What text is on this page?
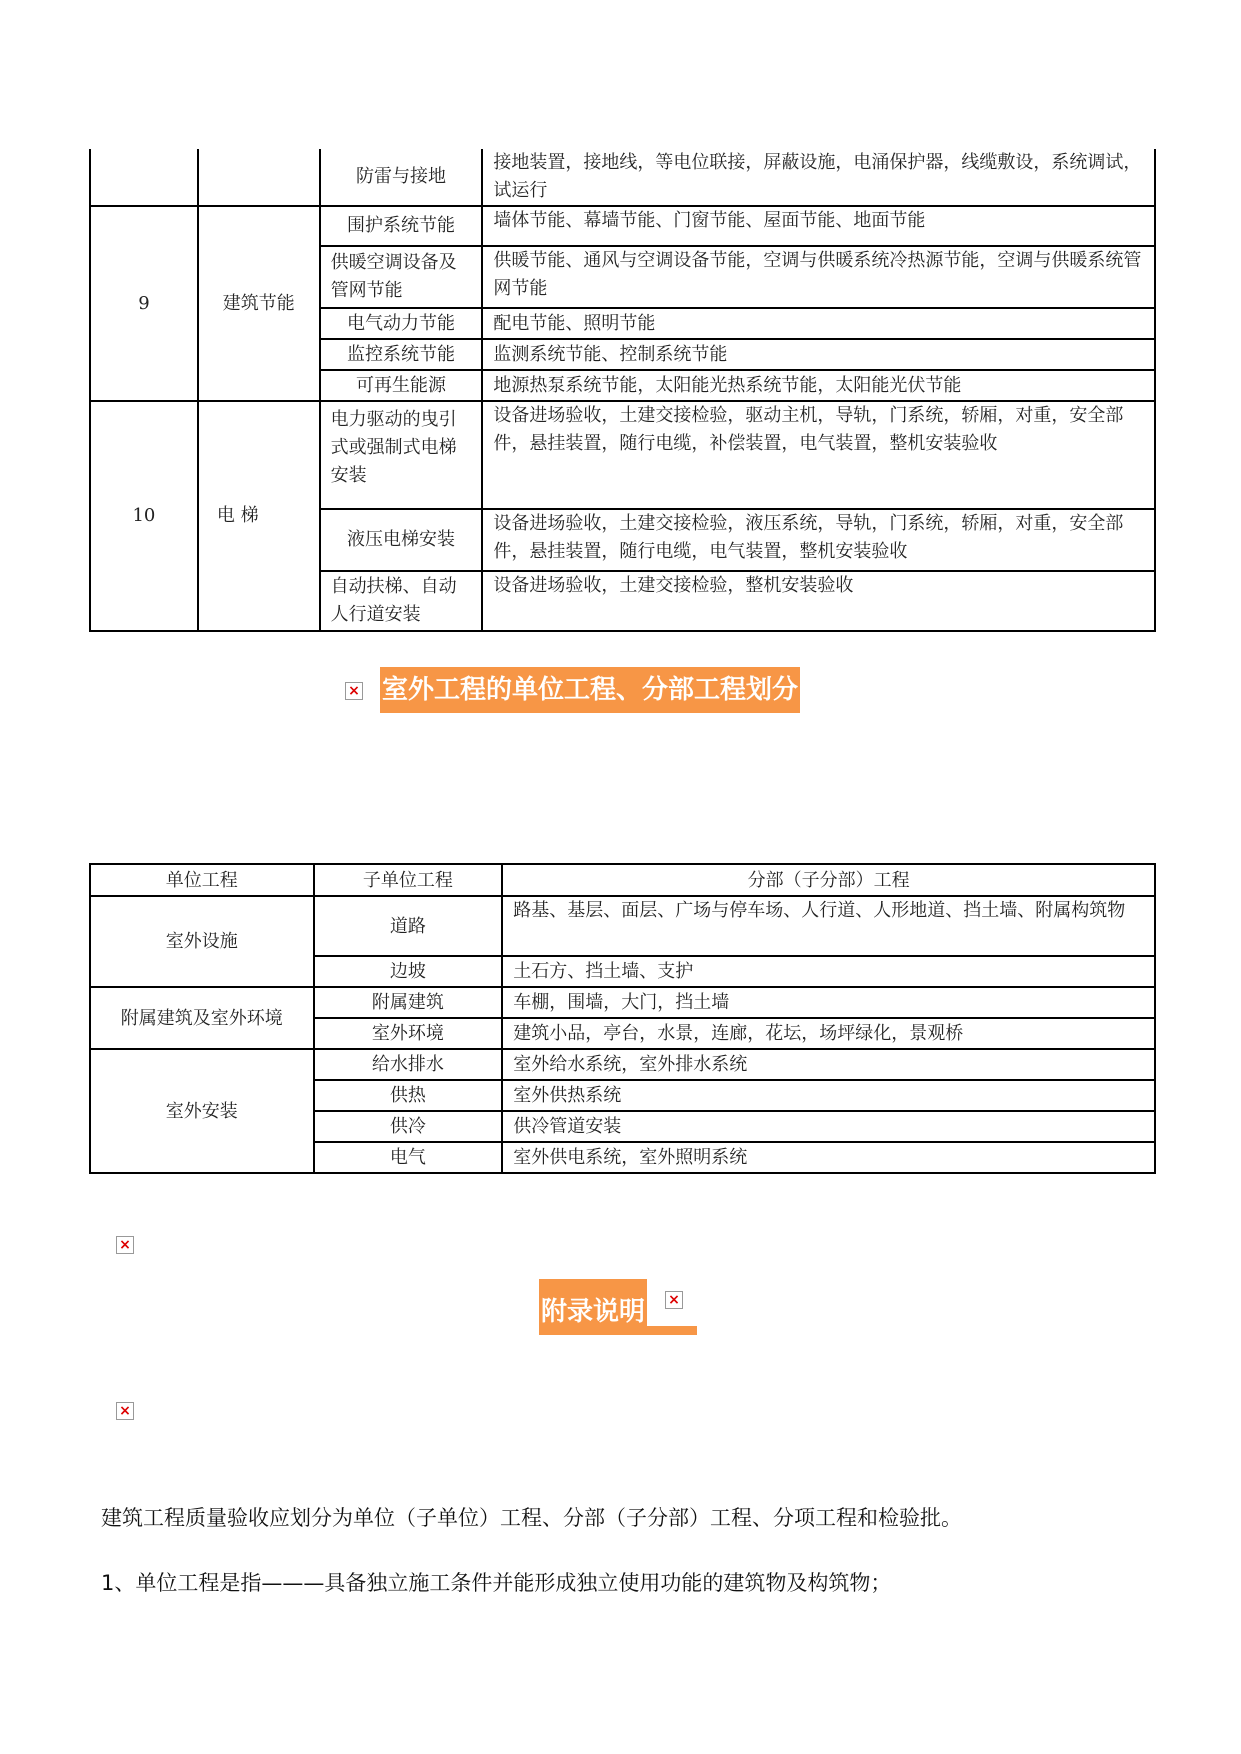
		防雷与接地	接地装置，接地线，等电位联接，屏蔽设施，电涌保护器，线缆敷设，系统调试，试运行
9	建筑节能	围护系统节能	墙体节能、幕墙节能、门窗节能、屋面节能、地面节能
		供暖空调设备及管网节能	供暖节能、通风与空调设备节能，空调与供暖系统冷热源节能，空调与供暖系统管网节能
		电气动力节能	配电节能、照明节能
		监控系统节能	监测系统节能、控制系统节能
		可再生能源	地源热泵系统节能，太阳能光热系统节能，太阳能光伏节能
10	电 梯	电力驱动的曳引式或强制式电梯安装	设备进场验收，土建交接检验，驱动主机，导轨，门系统，轿厢，对重，安全部件，悬挂装置，随行电缆，补偿装置，电气装置，整机安装验收
		液压电梯安装	设备进场验收，土建交接检验，液压系统，导轨，门系统，轿厢，对重，安全部件，悬挂装置，随行电缆，电气装置，整机安装验收
		自动扶梯、自动人行道安装	设备进场验收，土建交接检验，整机安装验收
× 室外工程的单位工程、分部工程划分
单位工程	子单位工程	分部（子分部）工程
室外设施	道路	路基、基层、面层、广场与停车场、人行道、人形地道、挡土墙、附属构筑物
	边坡	土石方、挡土墙、支护
附属建筑及室外环境	附属建筑	车棚，围墙，大门，挡土墙
	室外环境	建筑小品，亭台，水景，连廊，花坛，场坪绿化，景观桥
室外安装	给水排水	室外给水系统，室外排水系统
	供热	室外供热系统
	供冷	供冷管道安装
	电气	室外供电系统，室外照明系统
×
附录说明 ×
×
建筑工程质量验收应划分为单位（子单位）工程、分部（子分部）工程、分项工程和检验批。
1、单位工程是指———具备独立施工条件并能形成独立使用功能的建筑物及构筑物；
